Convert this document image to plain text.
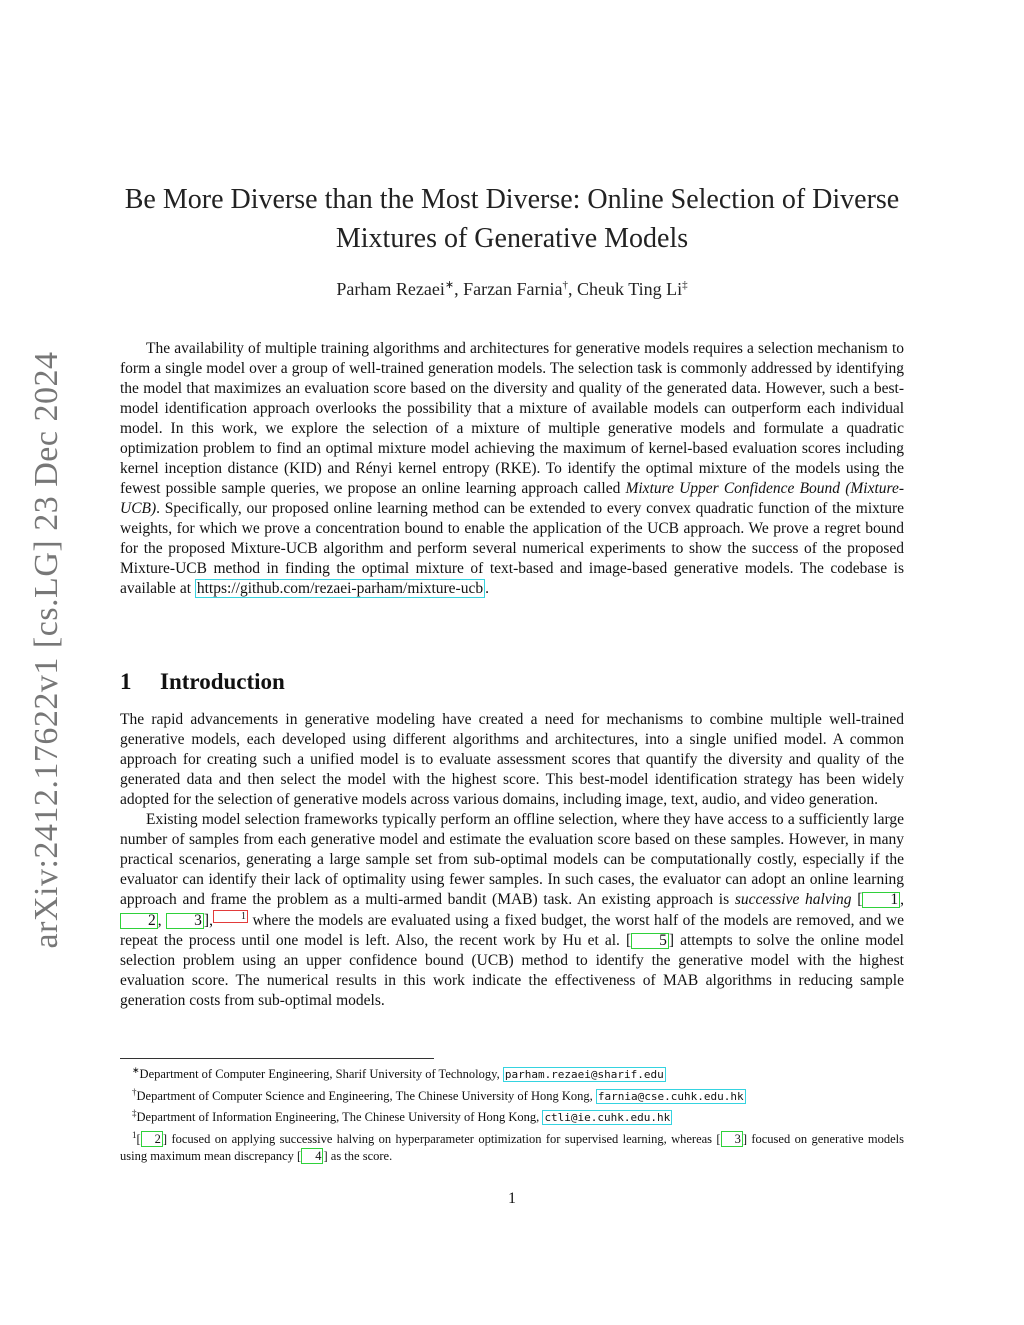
arXiv:2412.17622v1 [cs.LG] 23 Dec 2024
Be More Diverse than the Most Diverse: Online Selection of Diverse Mixtures of Generative Models
Parham Rezaei∗, Farzan Farnia†, Cheuk Ting Li‡

The availability of multiple training algorithms and architectures for generative models requires a selection mechanism to form a single model over a group of well-trained generation models. The selection task is commonly addressed by identifying the model that maximizes an evaluation score based on the diversity and quality of the generated data. However, such a best-model identification approach overlooks the possibility that a mixture of available models can outperform each individual model. In this work, we explore the selection of a mixture of multiple generative models and formulate a quadratic optimization problem to find an optimal mixture model achieving the maximum of kernel-based evaluation scores including kernel inception distance (KID) and Rényi kernel entropy (RKE). To identify the optimal mixture of the models using the fewest possible sample queries, we propose an online learning approach called Mixture Upper Confidence Bound (Mixture-UCB). Specifically, our proposed online learning method can be extended to every convex quadratic function of the mixture weights, for which we prove a concentration bound to enable the application of the UCB approach. We prove a regret bound for the proposed Mixture-UCB algorithm and perform several numerical experiments to show the success of the proposed Mixture-UCB method in finding the optimal mixture of text-based and image-based generative models. The codebase is available at https://github.com/rezaei-parham/mixture-ucb .

1 Introduction

The rapid advancements in generative modeling have created a need for mechanisms to combine multiple well-trained generative models, each developed using different algorithms and architectures, into a single unified model. A common approach for creating such a unified model is to evaluate assessment scores that quantify the diversity and quality of the generated data and then select the model with the highest score. This best-model identification strategy has been widely adopted for the selection of generative models across various domains, including image, text, audio, and video generation.

Existing model selection frameworks typically perform an offline selection, where they have access to a sufficiently large number of samples from each generative model and estimate the evaluation score based on these samples. However, in many practical scenarios, generating a large sample set from sub-optimal models can be computationally costly, especially if the evaluator can identify their lack of optimality using fewer samples. In such cases, the evaluator can adopt an online learning approach and frame the problem as a multi-armed bandit (MAB) task. An existing approach is successive halving [ 1 , 2 , 3 ],	1 where the models are evaluated using a fixed budget, the worst half of the models are removed, and we repeat the process until one model is left. Also, the recent work by Hu et al. [ 5 ] attempts to solve the online model selection problem using an upper confidence bound (UCB) method to identify the generative model with the highest evaluation score. The numerical results in this work indicate the effectiveness of MAB algorithms in reducing sample generation costs from sub-optimal models.

∗Department of Computer Engineering, Sharif University of Technology, parham.rezaei@sharif.edu

†Department of Computer Science and Engineering, The Chinese University of Hong Kong, farnia@cse.cuhk.edu.hk

‡Department of Information Engineering, The Chinese University of Hong Kong, ctli@ie.cuhk.edu.hk

$^1$[ 2 ] focused on applying successive halving on hyperparameter optimization for supervised learning, whereas [ 3 ] focused on generative models using maximum mean discrepancy [ 4 ] as the score.

1
